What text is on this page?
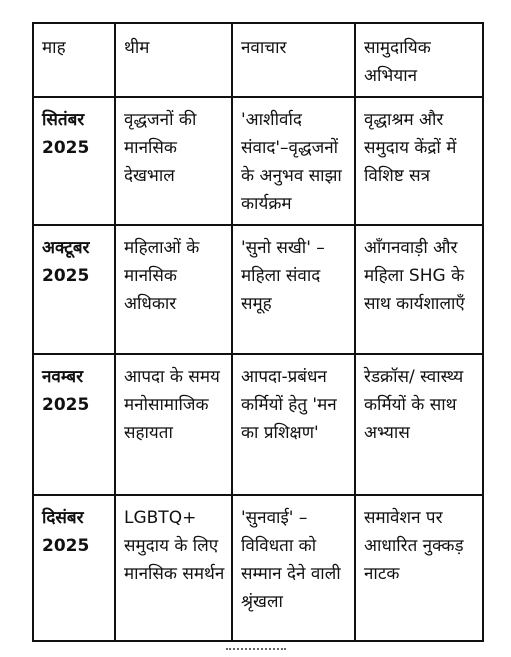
माह	थीम	नवाचार	सामुदायिक अभियान
सितंबर 2025	वृद्धजनों की मानसिक देखभाल	'आशीर्वाद संवाद'–वृद्धजनों के अनुभव साझा कार्यक्रम	वृद्धाश्रम और समुदाय केंद्रों में विशिष्ट सत्र
अक्टूबर 2025	महिलाओं के मानसिक अधिकार	'सुनो सखी' – महिला संवाद समूह	आँगनवाड़ी और महिला SHG के साथ कार्यशालाएँ
नवम्बर 2025	आपदा के समय मनोसामाजिक सहायता	आपदा-प्रबंधन कर्मियों हेतु 'मन का प्रशिक्षण'	रेडक्रॉस/ स्वास्थ्य कर्मियों के साथ अभ्यास
दिसंबर 2025	LGBTQ+ समुदाय के लिए मानसिक समर्थन	'सुनवाई' – विविधता को सम्मान देने वाली श्रृंखला	समावेशन पर आधारित नुक्कड़ नाटक
